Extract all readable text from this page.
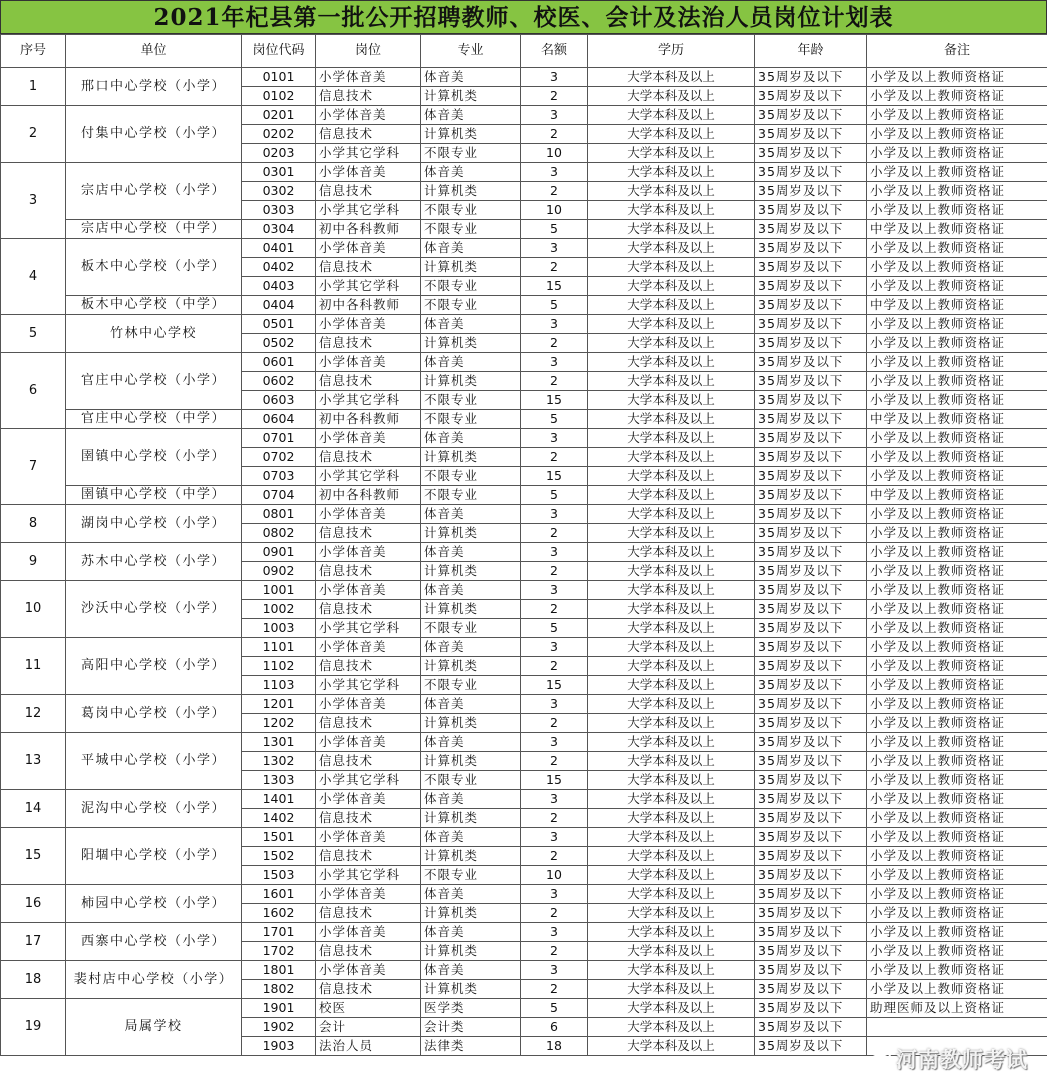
2021年杞县第一批公开招聘教师、校医、会计及法治人员岗位计划表
序号	单位	岗位代码	岗位	专业	名额	学历	年龄	备注
1	邢口中心学校（小学）	0101	小学体音美	体音美	3	大学本科及以上	35周岁及以下	小学及以上教师资格证
		0102	信息技术	计算机类	2	大学本科及以上	35周岁及以下	小学及以上教师资格证
2	付集中心学校（小学）	0201	小学体音美	体音美	3	大学本科及以上	35周岁及以下	小学及以上教师资格证
		0202	信息技术	计算机类	2	大学本科及以上	35周岁及以下	小学及以上教师资格证
		0203	小学其它学科	不限专业	10	大学本科及以上	35周岁及以下	小学及以上教师资格证
3	宗店中心学校（小学）	0301	小学体音美	体音美	3	大学本科及以上	35周岁及以下	小学及以上教师资格证
		0302	信息技术	计算机类	2	大学本科及以上	35周岁及以下	小学及以上教师资格证
		0303	小学其它学科	不限专业	10	大学本科及以上	35周岁及以下	小学及以上教师资格证
	宗店中心学校（中学）	0304	初中各科教师	不限专业	5	大学本科及以上	35周岁及以下	中学及以上教师资格证
4	板木中心学校（小学）	0401	小学体音美	体音美	3	大学本科及以上	35周岁及以下	小学及以上教师资格证
		0402	信息技术	计算机类	2	大学本科及以上	35周岁及以下	小学及以上教师资格证
		0403	小学其它学科	不限专业	15	大学本科及以上	35周岁及以下	小学及以上教师资格证
	板木中心学校（中学）	0404	初中各科教师	不限专业	5	大学本科及以上	35周岁及以下	中学及以上教师资格证
5	竹林中心学校	0501	小学体音美	体音美	3	大学本科及以上	35周岁及以下	小学及以上教师资格证
		0502	信息技术	计算机类	2	大学本科及以上	35周岁及以下	小学及以上教师资格证
6	官庄中心学校（小学）	0601	小学体音美	体音美	3	大学本科及以上	35周岁及以下	小学及以上教师资格证
		0602	信息技术	计算机类	2	大学本科及以上	35周岁及以下	小学及以上教师资格证
		0603	小学其它学科	不限专业	15	大学本科及以上	35周岁及以下	小学及以上教师资格证
	官庄中心学校（中学）	0604	初中各科教师	不限专业	5	大学本科及以上	35周岁及以下	中学及以上教师资格证
7	圉镇中心学校（小学）	0701	小学体音美	体音美	3	大学本科及以上	35周岁及以下	小学及以上教师资格证
		0702	信息技术	计算机类	2	大学本科及以上	35周岁及以下	小学及以上教师资格证
		0703	小学其它学科	不限专业	15	大学本科及以上	35周岁及以下	小学及以上教师资格证
	圉镇中心学校（中学）	0704	初中各科教师	不限专业	5	大学本科及以上	35周岁及以下	中学及以上教师资格证
8	湖岗中心学校（小学）	0801	小学体音美	体音美	3	大学本科及以上	35周岁及以下	小学及以上教师资格证
		0802	信息技术	计算机类	2	大学本科及以上	35周岁及以下	小学及以上教师资格证
9	苏木中心学校（小学）	0901	小学体音美	体音美	3	大学本科及以上	35周岁及以下	小学及以上教师资格证
		0902	信息技术	计算机类	2	大学本科及以上	35周岁及以下	小学及以上教师资格证
10	沙沃中心学校（小学）	1001	小学体音美	体音美	3	大学本科及以上	35周岁及以下	小学及以上教师资格证
		1002	信息技术	计算机类	2	大学本科及以上	35周岁及以下	小学及以上教师资格证
		1003	小学其它学科	不限专业	5	大学本科及以上	35周岁及以下	小学及以上教师资格证
11	高阳中心学校（小学）	1101	小学体音美	体音美	3	大学本科及以上	35周岁及以下	小学及以上教师资格证
		1102	信息技术	计算机类	2	大学本科及以上	35周岁及以下	小学及以上教师资格证
		1103	小学其它学科	不限专业	15	大学本科及以上	35周岁及以下	小学及以上教师资格证
12	葛岗中心学校（小学）	1201	小学体音美	体音美	3	大学本科及以上	35周岁及以下	小学及以上教师资格证
		1202	信息技术	计算机类	2	大学本科及以上	35周岁及以下	小学及以上教师资格证
13	平城中心学校（小学）	1301	小学体音美	体音美	3	大学本科及以上	35周岁及以下	小学及以上教师资格证
		1302	信息技术	计算机类	2	大学本科及以上	35周岁及以下	小学及以上教师资格证
		1303	小学其它学科	不限专业	15	大学本科及以上	35周岁及以下	小学及以上教师资格证
14	泥沟中心学校（小学）	1401	小学体音美	体音美	3	大学本科及以上	35周岁及以下	小学及以上教师资格证
		1402	信息技术	计算机类	2	大学本科及以上	35周岁及以下	小学及以上教师资格证
15	阳堌中心学校（小学）	1501	小学体音美	体音美	3	大学本科及以上	35周岁及以下	小学及以上教师资格证
		1502	信息技术	计算机类	2	大学本科及以上	35周岁及以下	小学及以上教师资格证
		1503	小学其它学科	不限专业	10	大学本科及以上	35周岁及以下	小学及以上教师资格证
16	柿园中心学校（小学）	1601	小学体音美	体音美	3	大学本科及以上	35周岁及以下	小学及以上教师资格证
		1602	信息技术	计算机类	2	大学本科及以上	35周岁及以下	小学及以上教师资格证
17	西寨中心学校（小学）	1701	小学体音美	体音美	3	大学本科及以上	35周岁及以下	小学及以上教师资格证
		1702	信息技术	计算机类	2	大学本科及以上	35周岁及以下	小学及以上教师资格证
18	裴村店中心学校（小学）	1801	小学体音美	体音美	3	大学本科及以上	35周岁及以下	小学及以上教师资格证
		1802	信息技术	计算机类	2	大学本科及以上	35周岁及以下	小学及以上教师资格证
19	局属学校	1901	校医	医学类	5	大学本科及以上	35周岁及以下	助理医师及以上资格证
		1902	会计	会计类	6	大学本科及以上	35周岁及以下	
		1903	法治人员	法律类	18	大学本科及以上	35周岁及以下	
河南教师考试
